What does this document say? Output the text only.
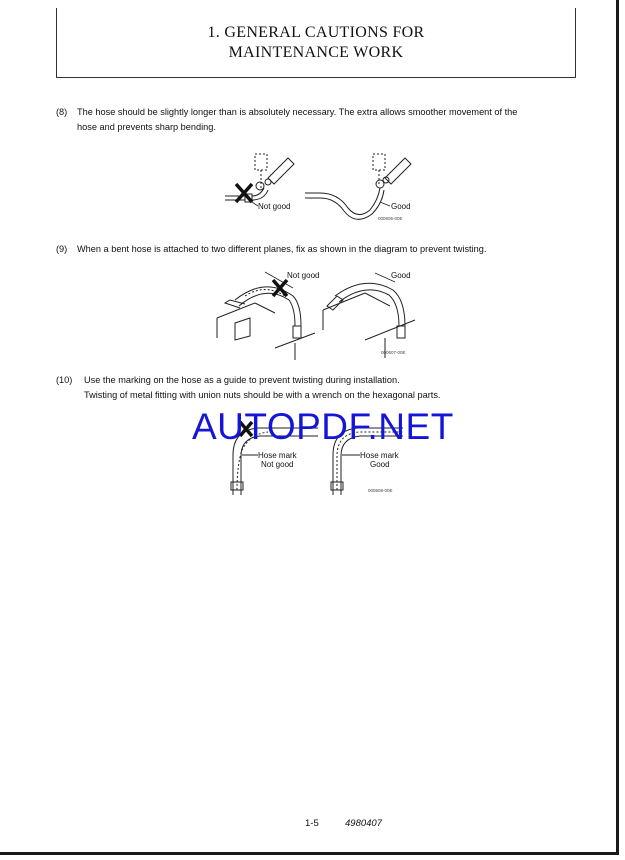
1. GENERAL CAUTIONS FOR
MAINTENANCE WORK
(8) The hose should be slightly longer than is absolutely necessary. The extra allows smoother movement of the
hose and prevents sharp bending.
Not good	Good
000606-00E
(9) When a bent hose is attached to two different planes, fix as shown in the diagram to prevent twisting.
Not good	Good
000607-00E
(10) Use the marking on the hose as a guide to prevent twisting during installation.
Twisting of metal fitting with union nuts should be with a wrench on the hexagonal parts.
Hose mark
Not good
Hose mark
Good
000608-00E
AUTOPDF.NET
1-5	4980407
